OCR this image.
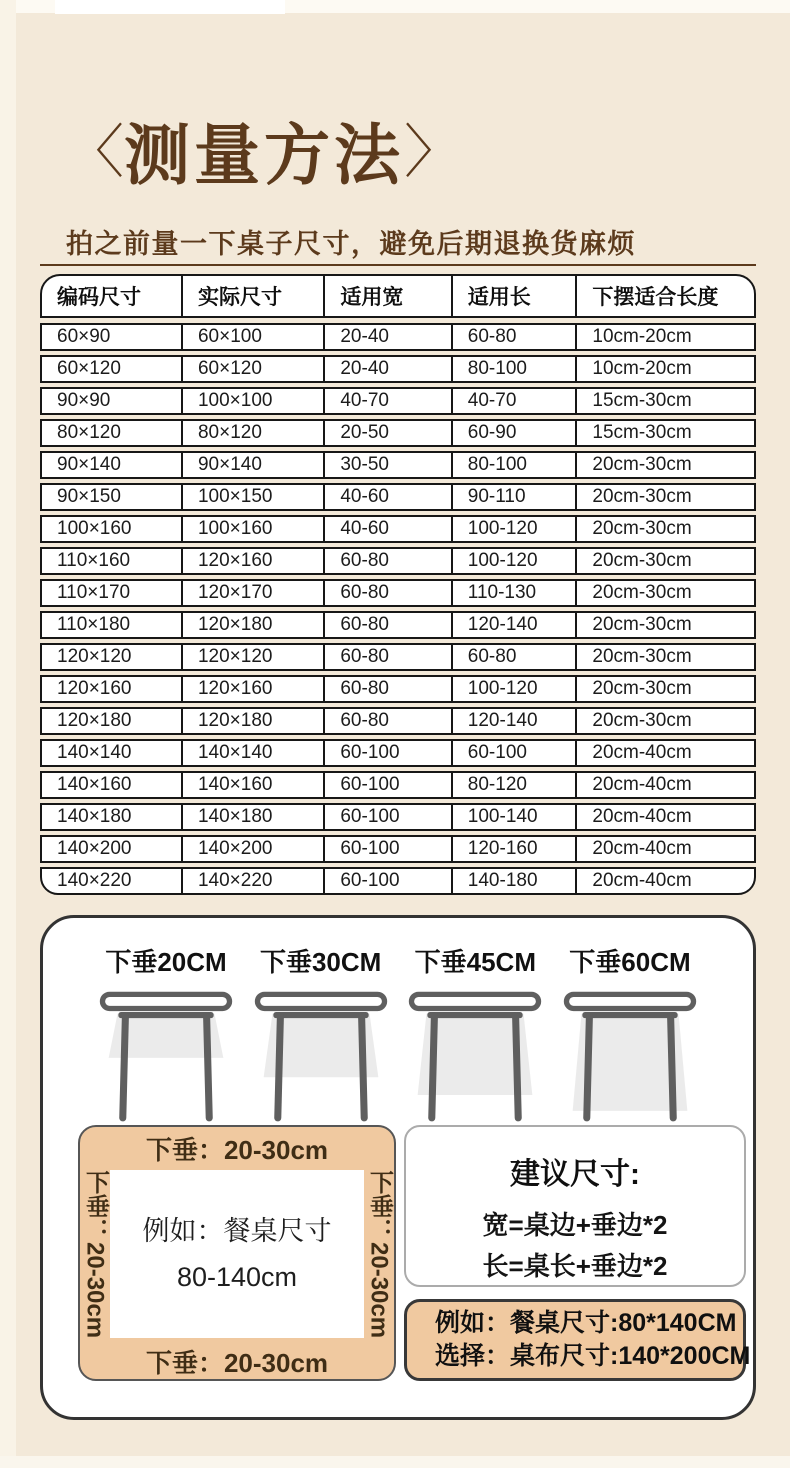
〈测量方法〉
拍之前量一下桌子尺寸，避免后期退换货麻烦
编码尺寸	实际尺寸	适用宽	适用长	下摆适合长度
60×90	60×100	20-40	60-80	10cm-20cm
60×120	60×120	20-40	80-100	10cm-20cm
90×90	100×100	40-70	40-70	15cm-30cm
80×120	80×120	20-50	60-90	15cm-30cm
90×140	90×140	30-50	80-100	20cm-30cm
90×150	100×150	40-60	90-110	20cm-30cm
100×160	100×160	40-60	100-120	20cm-30cm
110×160	120×160	60-80	100-120	20cm-30cm
110×170	120×170	60-80	110-130	20cm-30cm
110×180	120×180	60-80	120-140	20cm-30cm
120×120	120×120	60-80	60-80	20cm-30cm
120×160	120×160	60-80	100-120	20cm-30cm
120×180	120×180	60-80	120-140	20cm-30cm
140×140	140×140	60-100	60-100	20cm-40cm
140×160	140×160	60-100	80-120	20cm-40cm
140×180	140×180	60-100	100-140	20cm-40cm
140×200	140×200	60-100	120-160	20cm-40cm
140×220	140×220	60-100	140-180	20cm-40cm
下垂20CM 下垂30CM 下垂45CM 下垂60CM
下垂：20-30cm
下垂：20-30cm 例如：餐桌尺寸
80-140cm	下垂：20-30cm
下垂：20-30cm
建议尺寸:
宽=桌边+垂边*2
长=桌长+垂边*2
例如：餐桌尺寸:80*140CM
选择：桌布尺寸:140*200CM
